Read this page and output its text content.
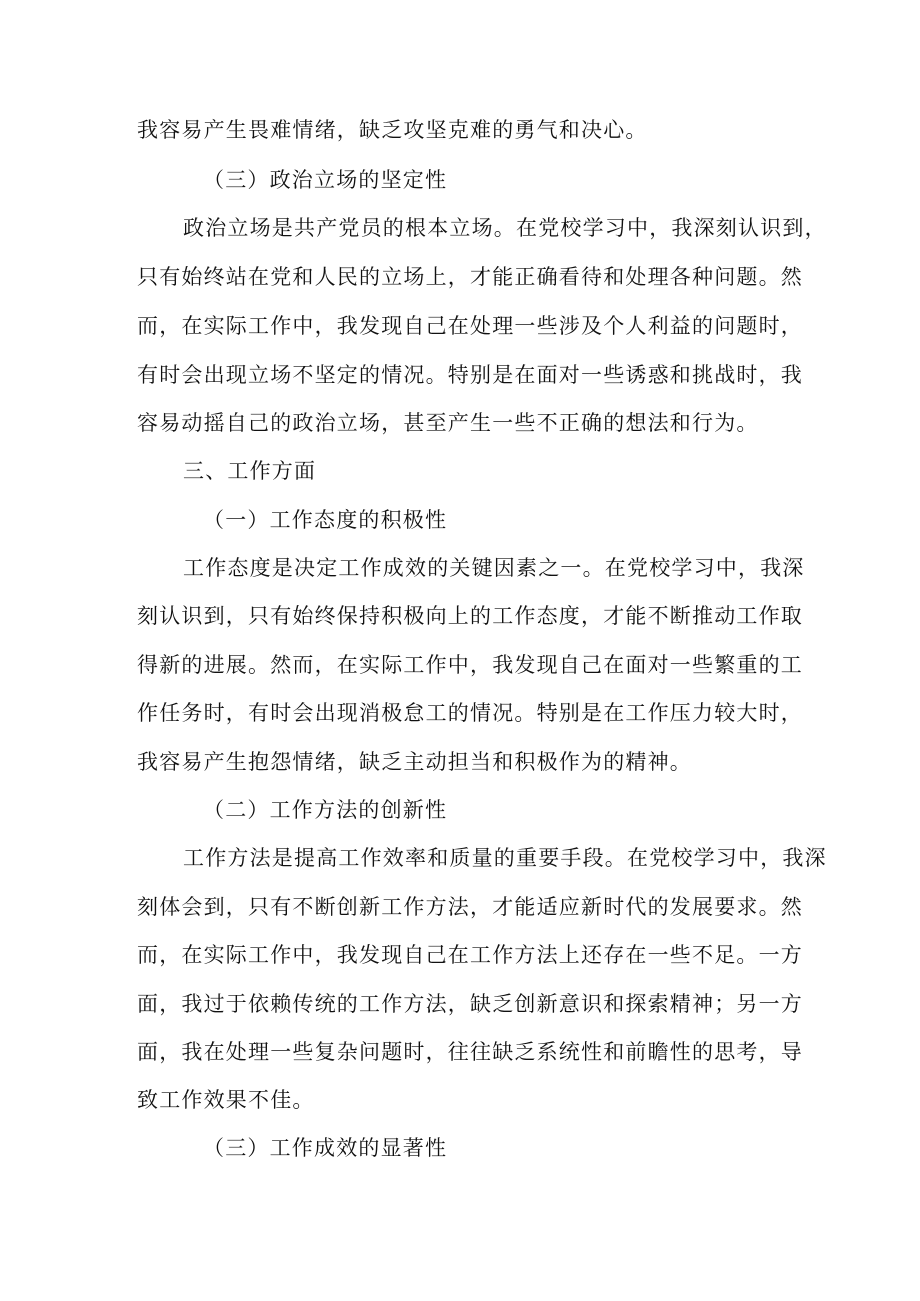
我容易产生畏难情绪，缺乏攻坚克难的勇气和决心。
（三）政治立场的坚定性
政治立场是共产党员的根本立场。在党校学习中，我深刻认识到，
只有始终站在党和人民的立场上，才能正确看待和处理各种问题。然
而，在实际工作中，我发现自己在处理一些涉及个人利益的问题时，
有时会出现立场不坚定的情况。特别是在面对一些诱惑和挑战时，我
容易动摇自己的政治立场，甚至产生一些不正确的想法和行为。
三、工作方面
（一）工作态度的积极性
工作态度是决定工作成效的关键因素之一。在党校学习中，我深
刻认识到，只有始终保持积极向上的工作态度，才能不断推动工作取
得新的进展。然而，在实际工作中，我发现自己在面对一些繁重的工
作任务时，有时会出现消极怠工的情况。特别是在工作压力较大时，
我容易产生抱怨情绪，缺乏主动担当和积极作为的精神。
（二）工作方法的创新性
工作方法是提高工作效率和质量的重要手段。在党校学习中，我深
刻体会到，只有不断创新工作方法，才能适应新时代的发展要求。然
而，在实际工作中，我发现自己在工作方法上还存在一些不足。一方
面，我过于依赖传统的工作方法，缺乏创新意识和探索精神；另一方
面，我在处理一些复杂问题时，往往缺乏系统性和前瞻性的思考，导
致工作效果不佳。
（三）工作成效的显著性
